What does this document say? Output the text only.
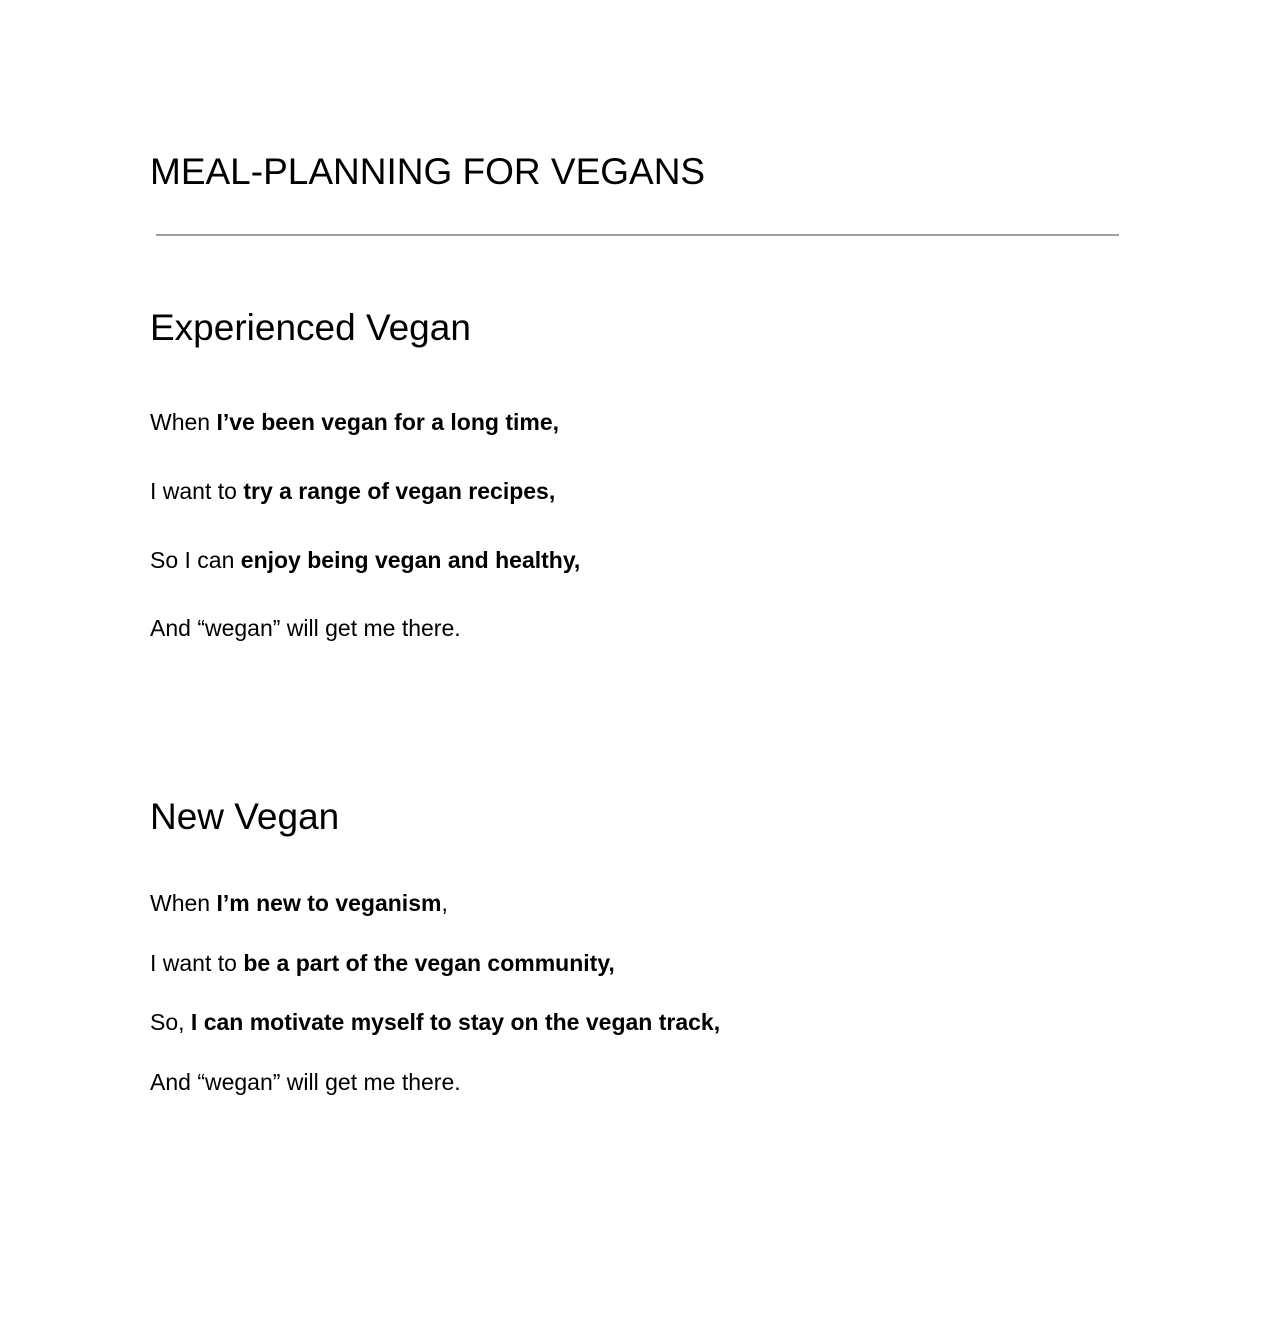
MEAL-PLANNING FOR VEGANS
Experienced Vegan

When I’ve been vegan for a long time,

I want to try a range of vegan recipes,

So I can enjoy being vegan and healthy,

And “wegan” will get me there.

New Vegan

When I’m new to veganism,

I want to be a part of the vegan community,

So, I can motivate myself to stay on the vegan track,

And “wegan” will get me there.
